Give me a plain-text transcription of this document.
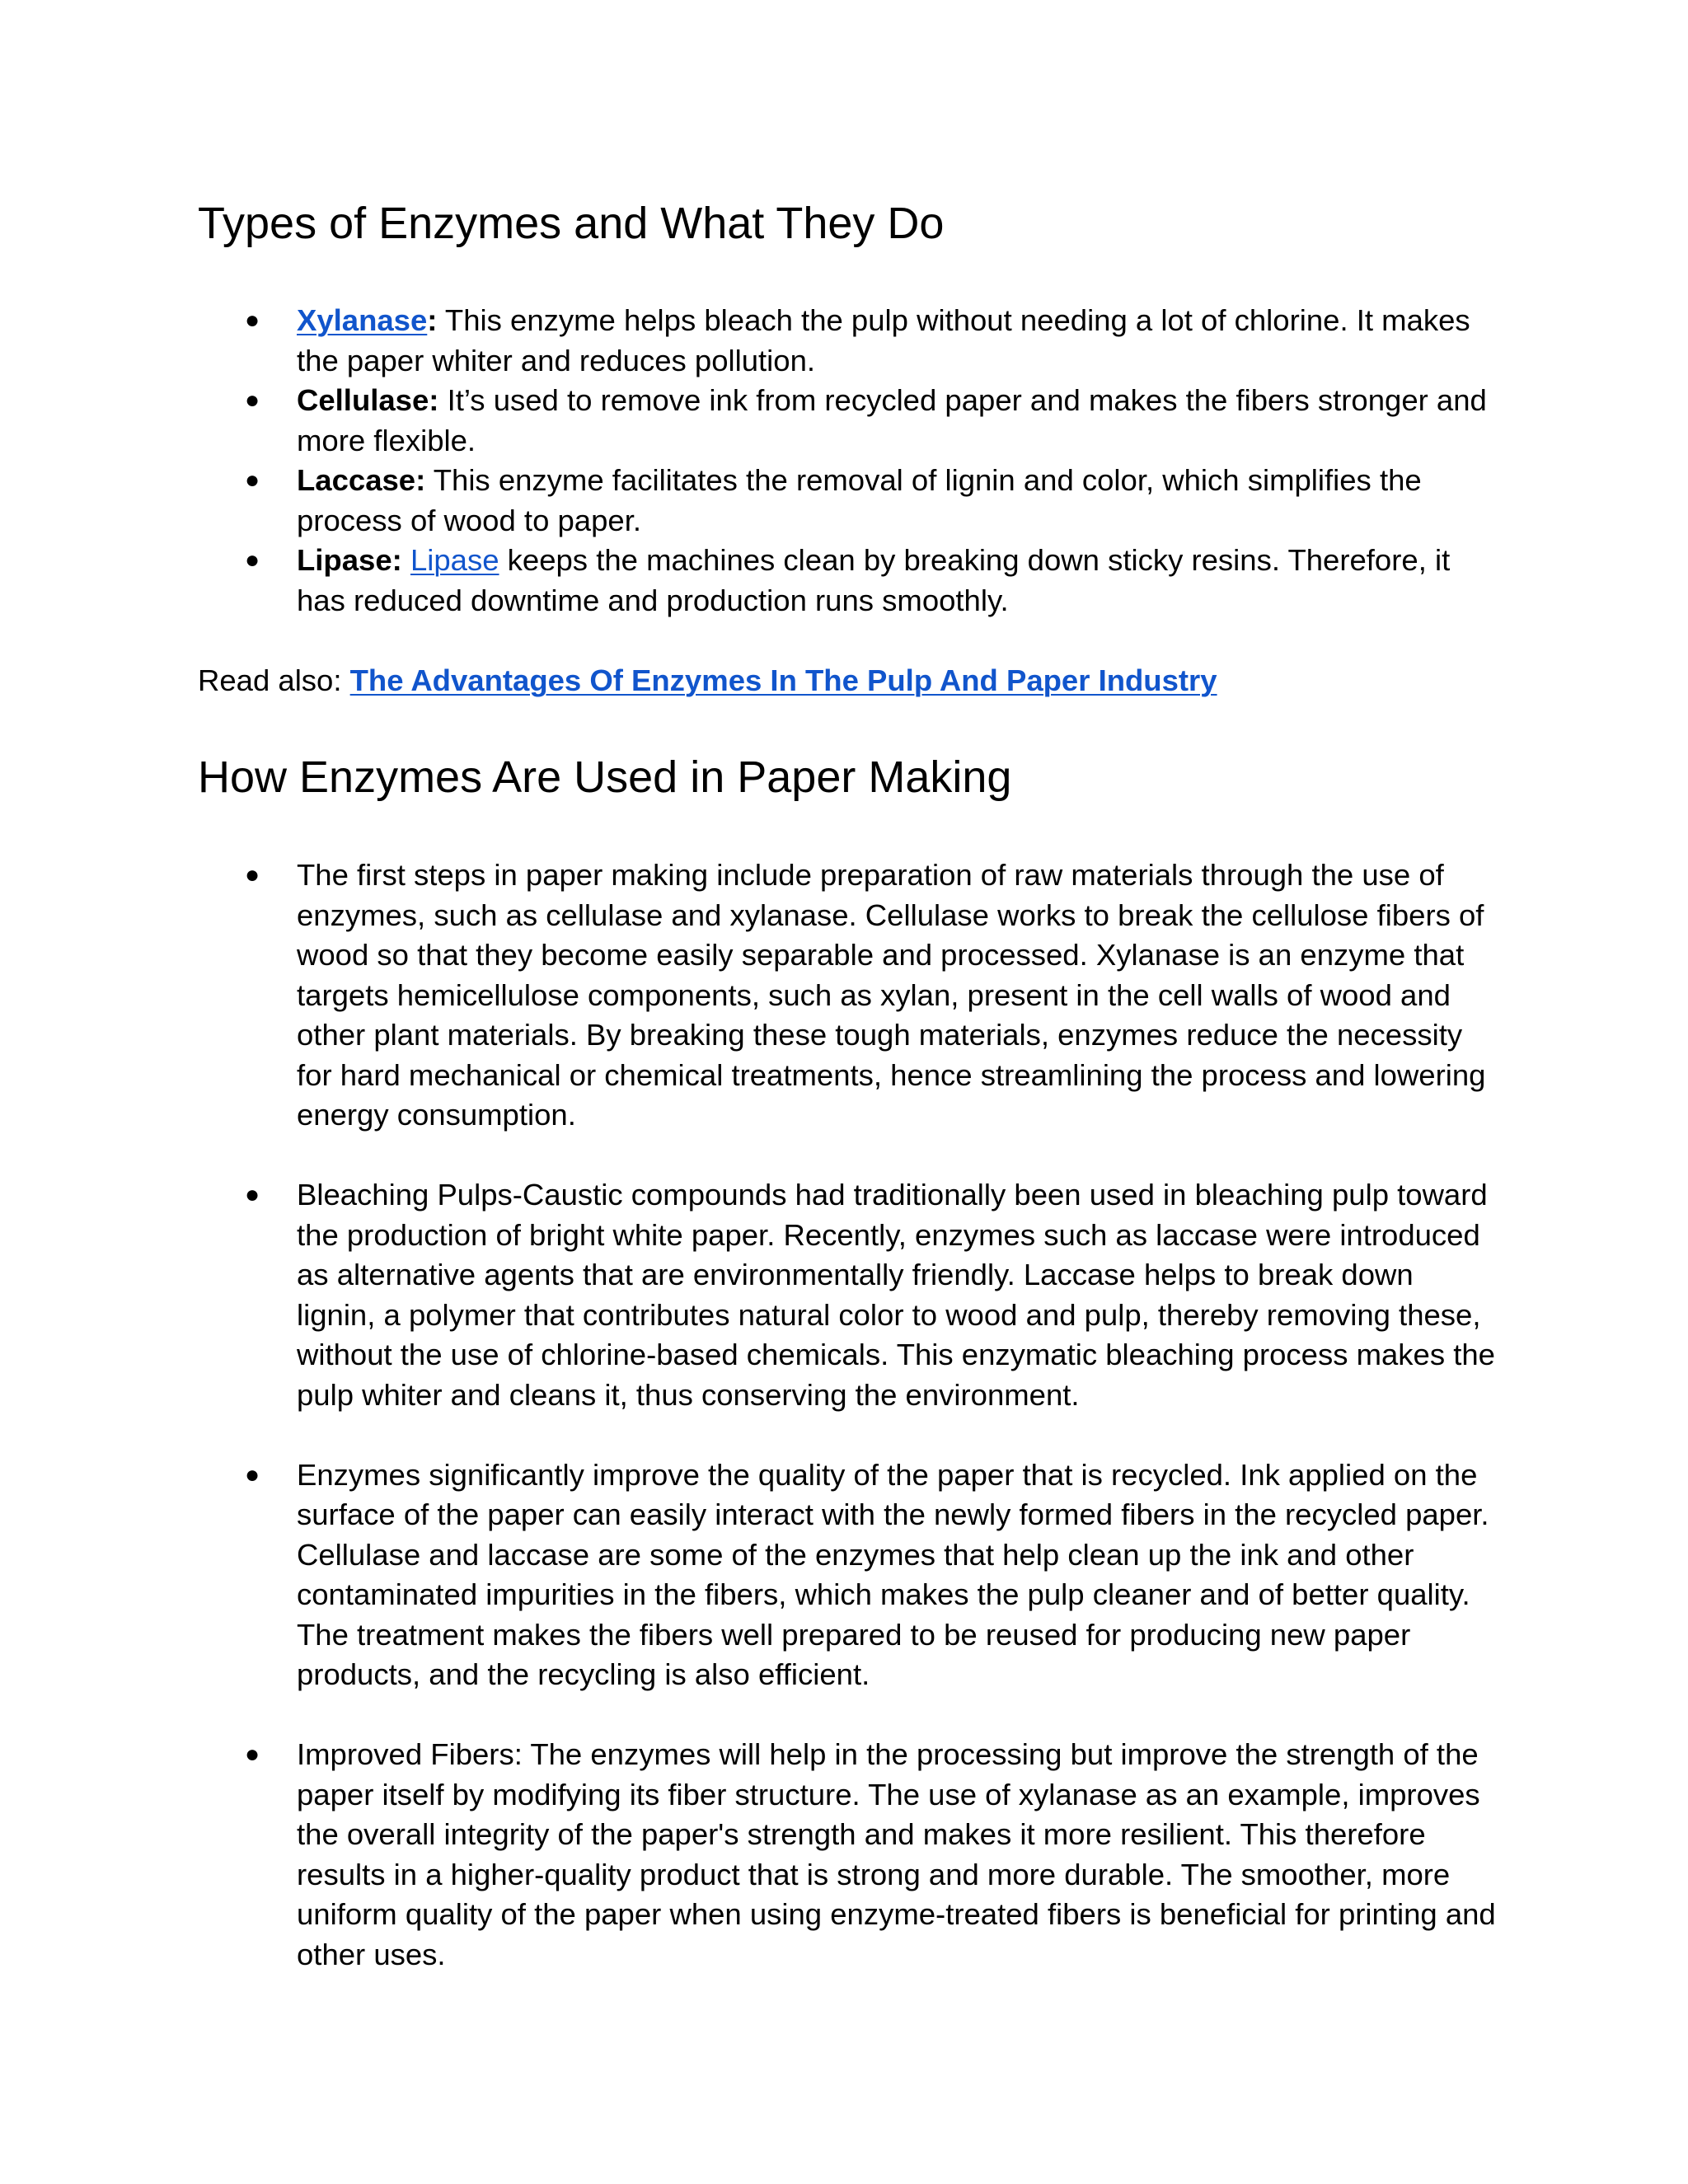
Types of Enzymes and What They Do
● Xylanase: This enzyme helps bleach the pulp without needing a lot of chlorine. It makes the paper whiter and reduces pollution.
● Cellulase: It’s used to remove ink from recycled paper and makes the fibers stronger and more flexible.
● Laccase: This enzyme facilitates the removal of lignin and color, which simplifies the process of wood to paper.
● Lipase: Lipase keeps the machines clean by breaking down sticky resins. Therefore, it has reduced downtime and production runs smoothly.
Read also: The Advantages Of Enzymes In The Pulp And Paper Industry
How Enzymes Are Used in Paper Making
● The first steps in paper making include preparation of raw materials through the use of enzymes, such as cellulase and xylanase. Cellulase works to break the cellulose fibers of wood so that they become easily separable and processed. Xylanase is an enzyme that targets hemicellulose components, such as xylan, present in the cell walls of wood and other plant materials. By breaking these tough materials, enzymes reduce the necessity for hard mechanical or chemical treatments, hence streamlining the process and lowering energy consumption.
● Bleaching Pulps-Caustic compounds had traditionally been used in bleaching pulp toward the production of bright white paper. Recently, enzymes such as laccase were introduced as alternative agents that are environmentally friendly. Laccase helps to break down lignin, a polymer that contributes natural color to wood and pulp, thereby removing these, without the use of chlorine-based chemicals. This enzymatic bleaching process makes the pulp whiter and cleans it, thus conserving the environment.
● Enzymes significantly improve the quality of the paper that is recycled. Ink applied on the surface of the paper can easily interact with the newly formed fibers in the recycled paper. Cellulase and laccase are some of the enzymes that help clean up the ink and other contaminated impurities in the fibers, which makes the pulp cleaner and of better quality. The treatment makes the fibers well prepared to be reused for producing new paper products, and the recycling is also efficient.
● Improved Fibers: The enzymes will help in the processing but improve the strength of the paper itself by modifying its fiber structure. The use of xylanase as an example, improves the overall integrity of the paper's strength and makes it more resilient. This therefore results in a higher-quality product that is strong and more durable. The smoother, more uniform quality of the paper when using enzyme-treated fibers is beneficial for printing and other uses.
